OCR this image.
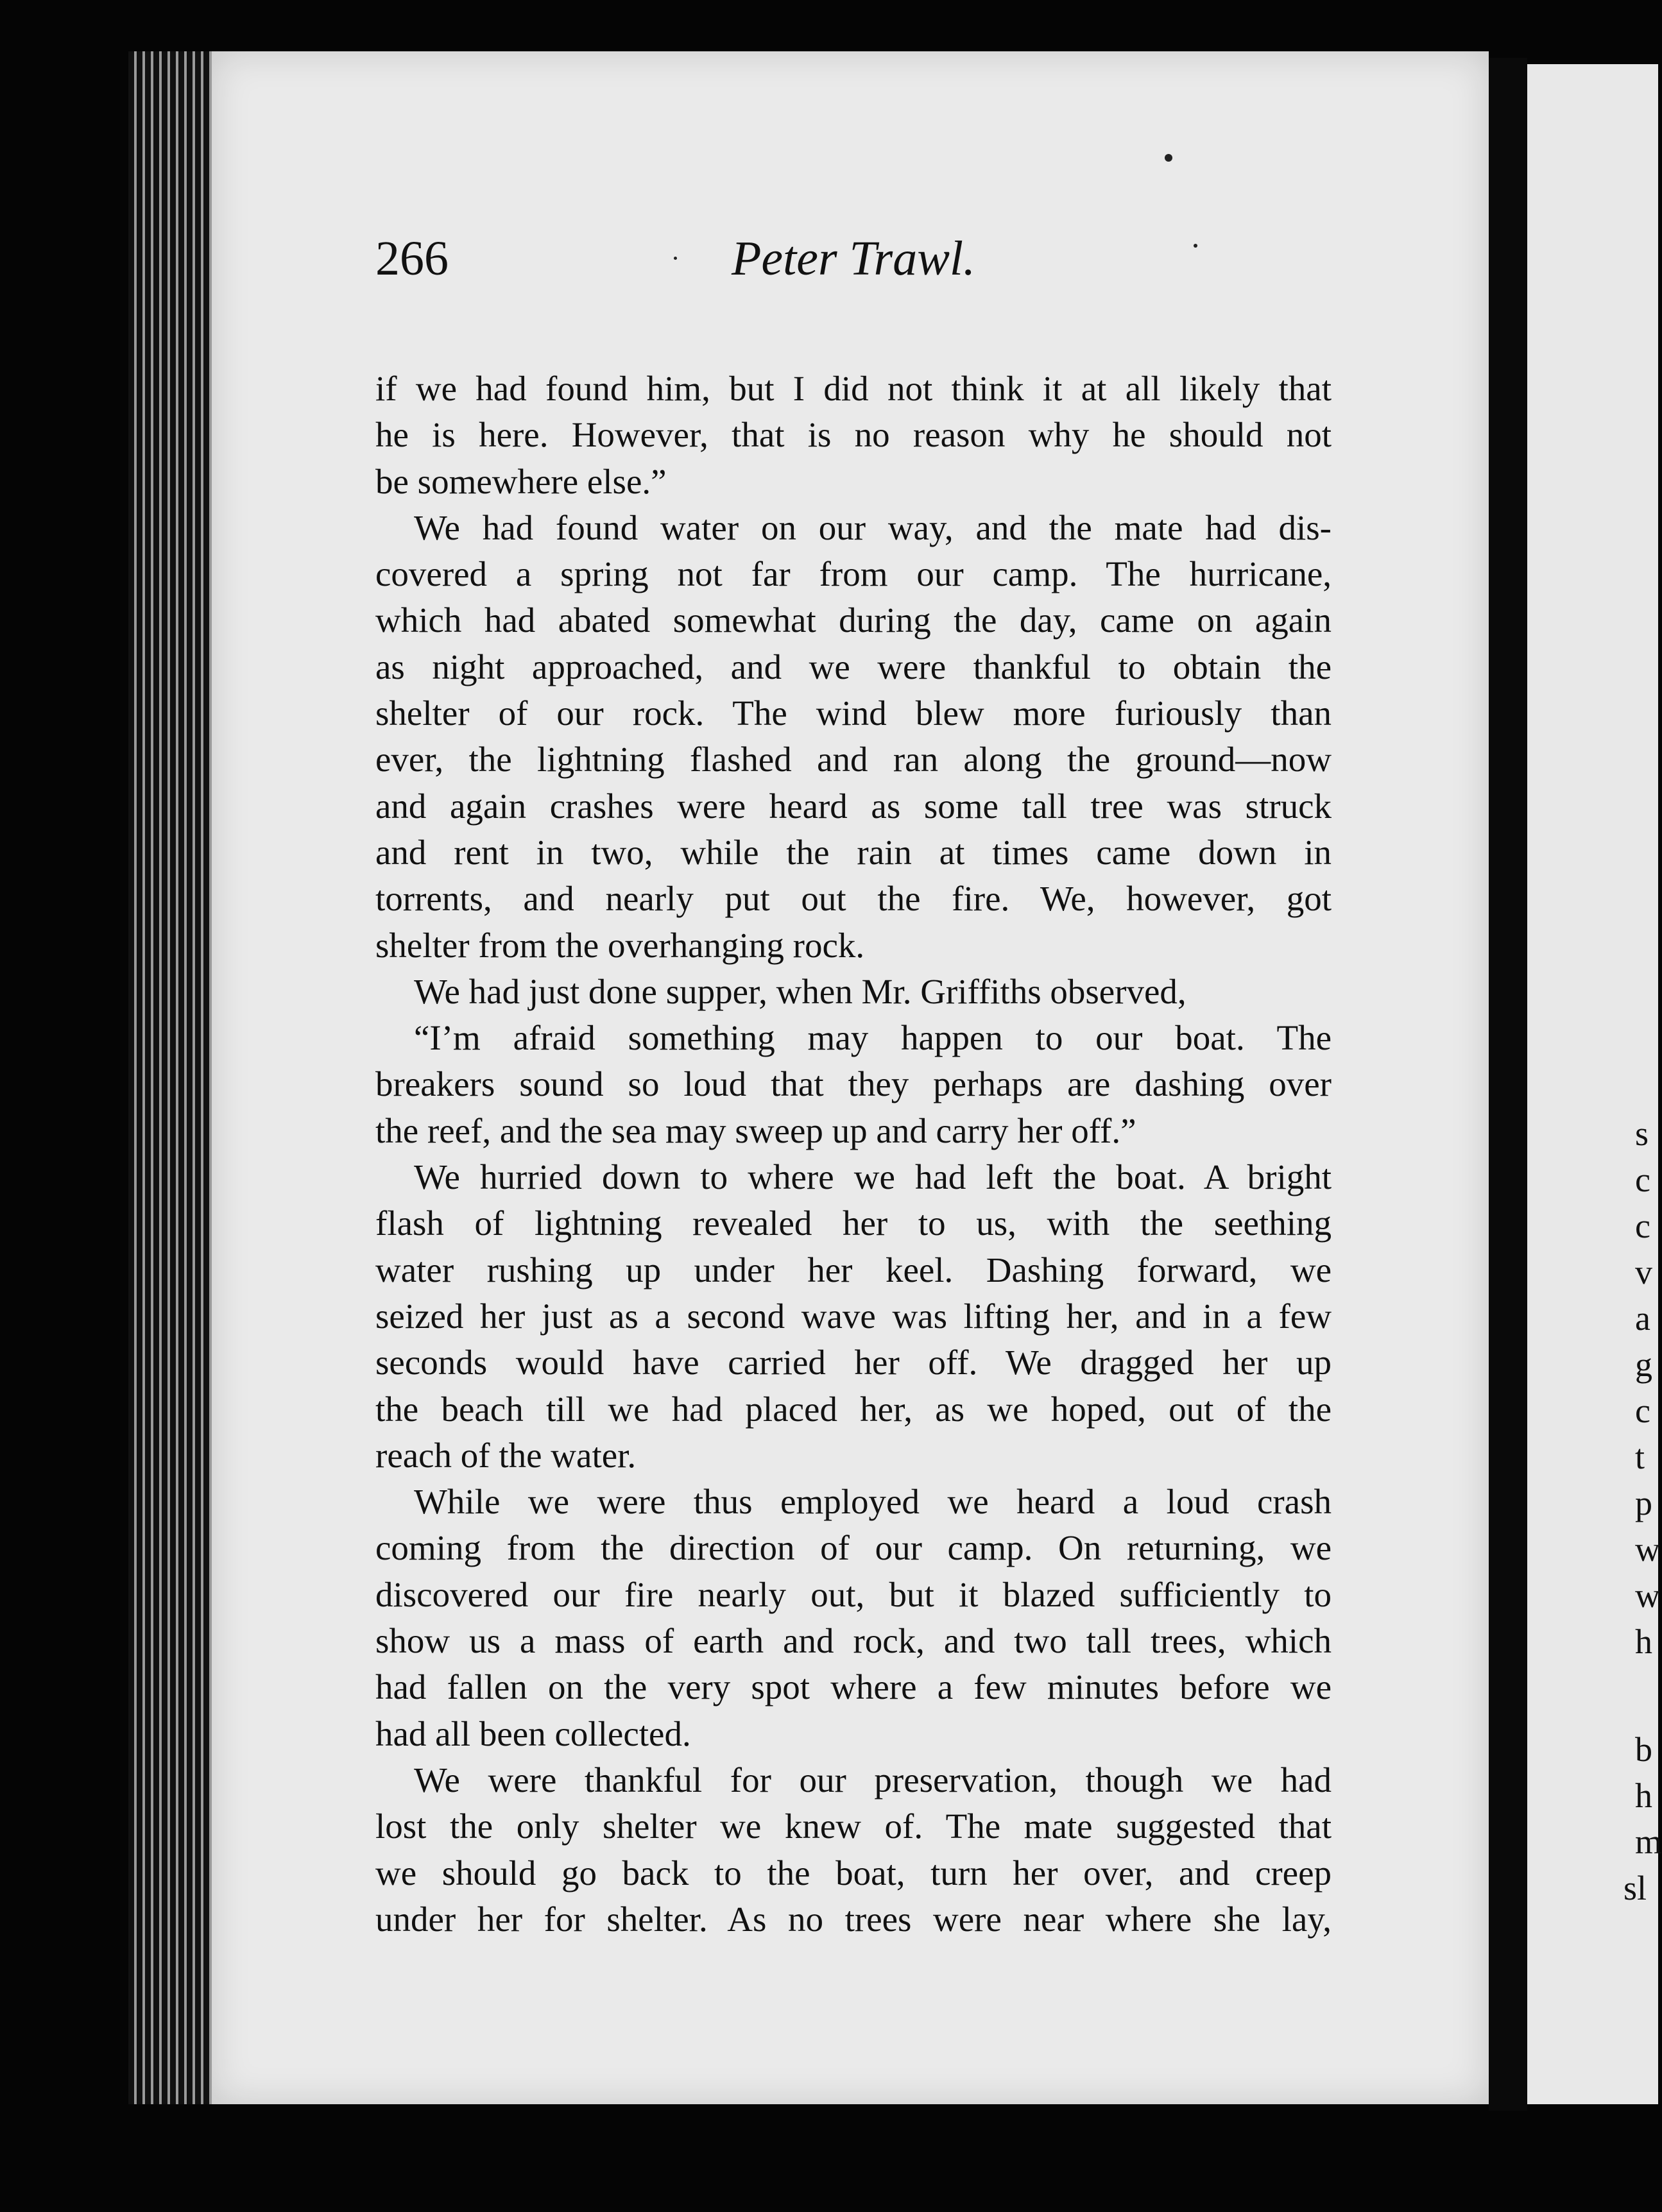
266	Peter Trawl.
if we had found him, but I did not think it at all likely that
he is here. However, that is no reason why he should not
be somewhere else.”
We had found water on our way, and the mate had dis-
covered a spring not far from our camp. The hurricane,
which had abated somewhat during the day, came on again
as night approached, and we were thankful to obtain the
shelter of our rock. The wind blew more furiously than
ever, the lightning flashed and ran along the ground—now
and again crashes were heard as some tall tree was struck
and rent in two, while the rain at times came down in
torrents, and nearly put out the fire. We, however, got
shelter from the overhanging rock.
We had just done supper, when Mr. Griffiths observed,
“I’m afraid something may happen to our boat. The
breakers sound so loud that they perhaps are dashing over
the reef, and the sea may sweep up and carry her off.”
We hurried down to where we had left the boat. A bright
flash of lightning revealed her to us, with the seething
water rushing up under her keel. Dashing forward, we
seized her just as a second wave was lifting her, and in a few
seconds would have carried her off. We dragged her up
the beach till we had placed her, as we hoped, out of the
reach of the water.
While we were thus employed we heard a loud crash
coming from the direction of our camp. On returning, we
discovered our fire nearly out, but it blazed sufficiently to
show us a mass of earth and rock, and two tall trees, which
had fallen on the very spot where a few minutes before we
had all been collected.
We were thankful for our preservation, though we had
lost the only shelter we knew of. The mate suggested that
we should go back to the boat, turn her over, and creep
under her for shelter. As no trees were near where she lay,
s
c
c
v
a
g
c
t
p
w
w
h
b
h
m
sl
